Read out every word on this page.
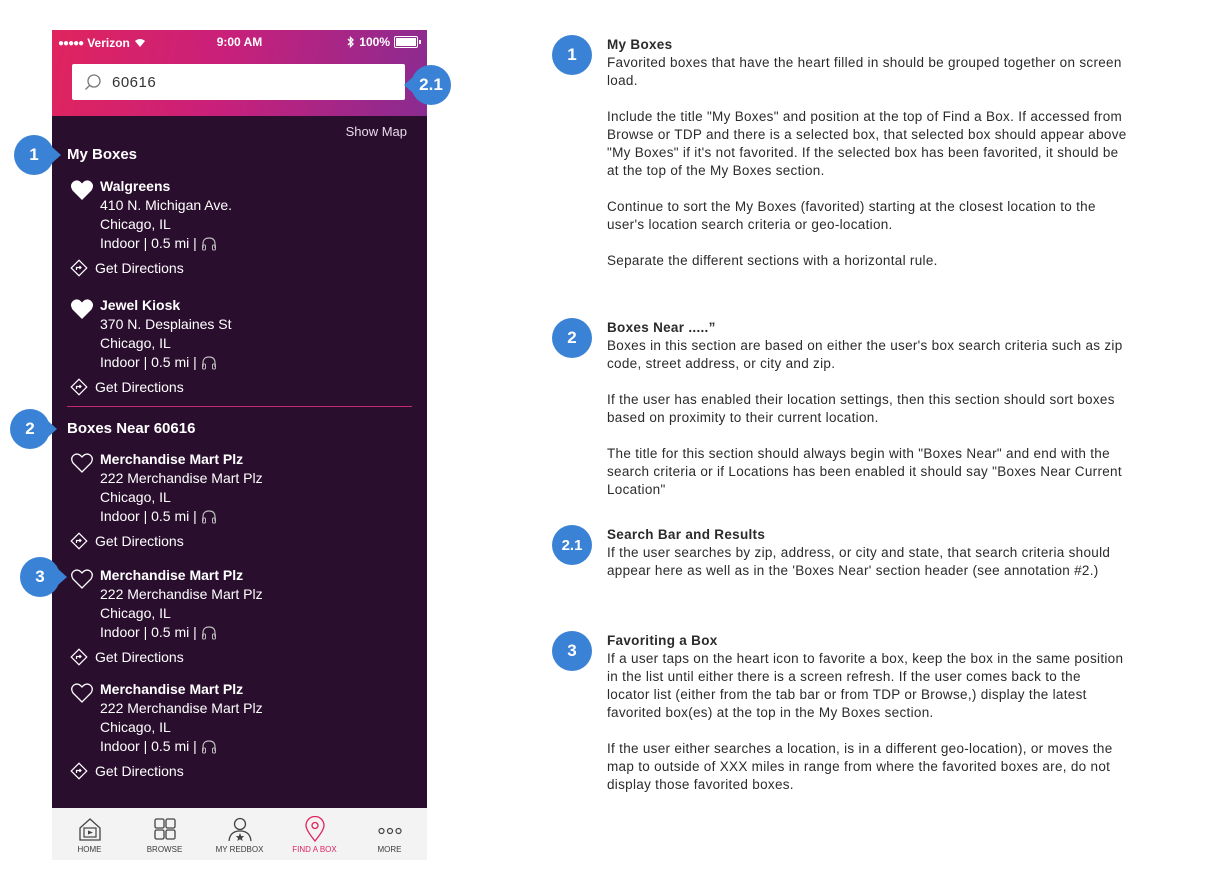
●●●●● Verizon	9:00 AM	100%
60616
Show Map
My Boxes
Walgreens
410 N. Michigan Ave.
Chicago, IL
Indoor | 0.5 mi |
Get Directions
Jewel Kiosk
370 N. Desplaines St
Chicago, IL
Indoor | 0.5 mi |
Get Directions
Boxes Near 60616
Merchandise Mart Plz
222 Merchandise Mart Plz
Chicago, IL
Indoor | 0.5 mi |
Get Directions
Merchandise Mart Plz
222 Merchandise Mart Plz
Chicago, IL
Indoor | 0.5 mi |
Get Directions
Merchandise Mart Plz
222 Merchandise Mart Plz
Chicago, IL
Indoor | 0.5 mi |
Get Directions
HOME	BROWSE	MY REDBOX	FIND A BOX	MORE
1
2
2.1
3
1
My Boxes

Favorited boxes that have the heart filled in should be grouped together on screen load.

Include the title "My Boxes" and position at the top of Find a Box. If accessed from Browse or TDP and there is a selected box, that selected box should appear above "My Boxes" if it's not favorited. If the selected box has been favorited, it should be at the top of the My Boxes section.

Continue to sort the My Boxes (favorited) starting at the closest location to the user's location search criteria or geo-location.

Separate the different sections with a horizontal rule.

2
Boxes Near .....”

Boxes in this section are based on either the user's box search criteria such as zip code, street address, or city and zip.

If the user has enabled their location settings, then this section should sort boxes based on proximity to their current location.

The title for this section should always begin with "Boxes Near" and end with the search criteria or if Locations has been enabled it should say "Boxes Near Current Location"

2.1
Search Bar and Results

If the user searches by zip, address, or city and state, that search criteria should appear here as well as in the 'Boxes Near' section header (see annotation #2.)

3
Favoriting a Box

If a user taps on the heart icon to favorite a box, keep the box in the same position in the list until either there is a screen refresh. If the user comes back to the locator list (either from the tab bar or from TDP or Browse,) display the latest favorited box(es) at the top in the My Boxes section.

If the user either searches a location, is in a different geo-location), or moves the map to outside of XXX miles in range from where the favorited boxes are, do not display those favorited boxes.
